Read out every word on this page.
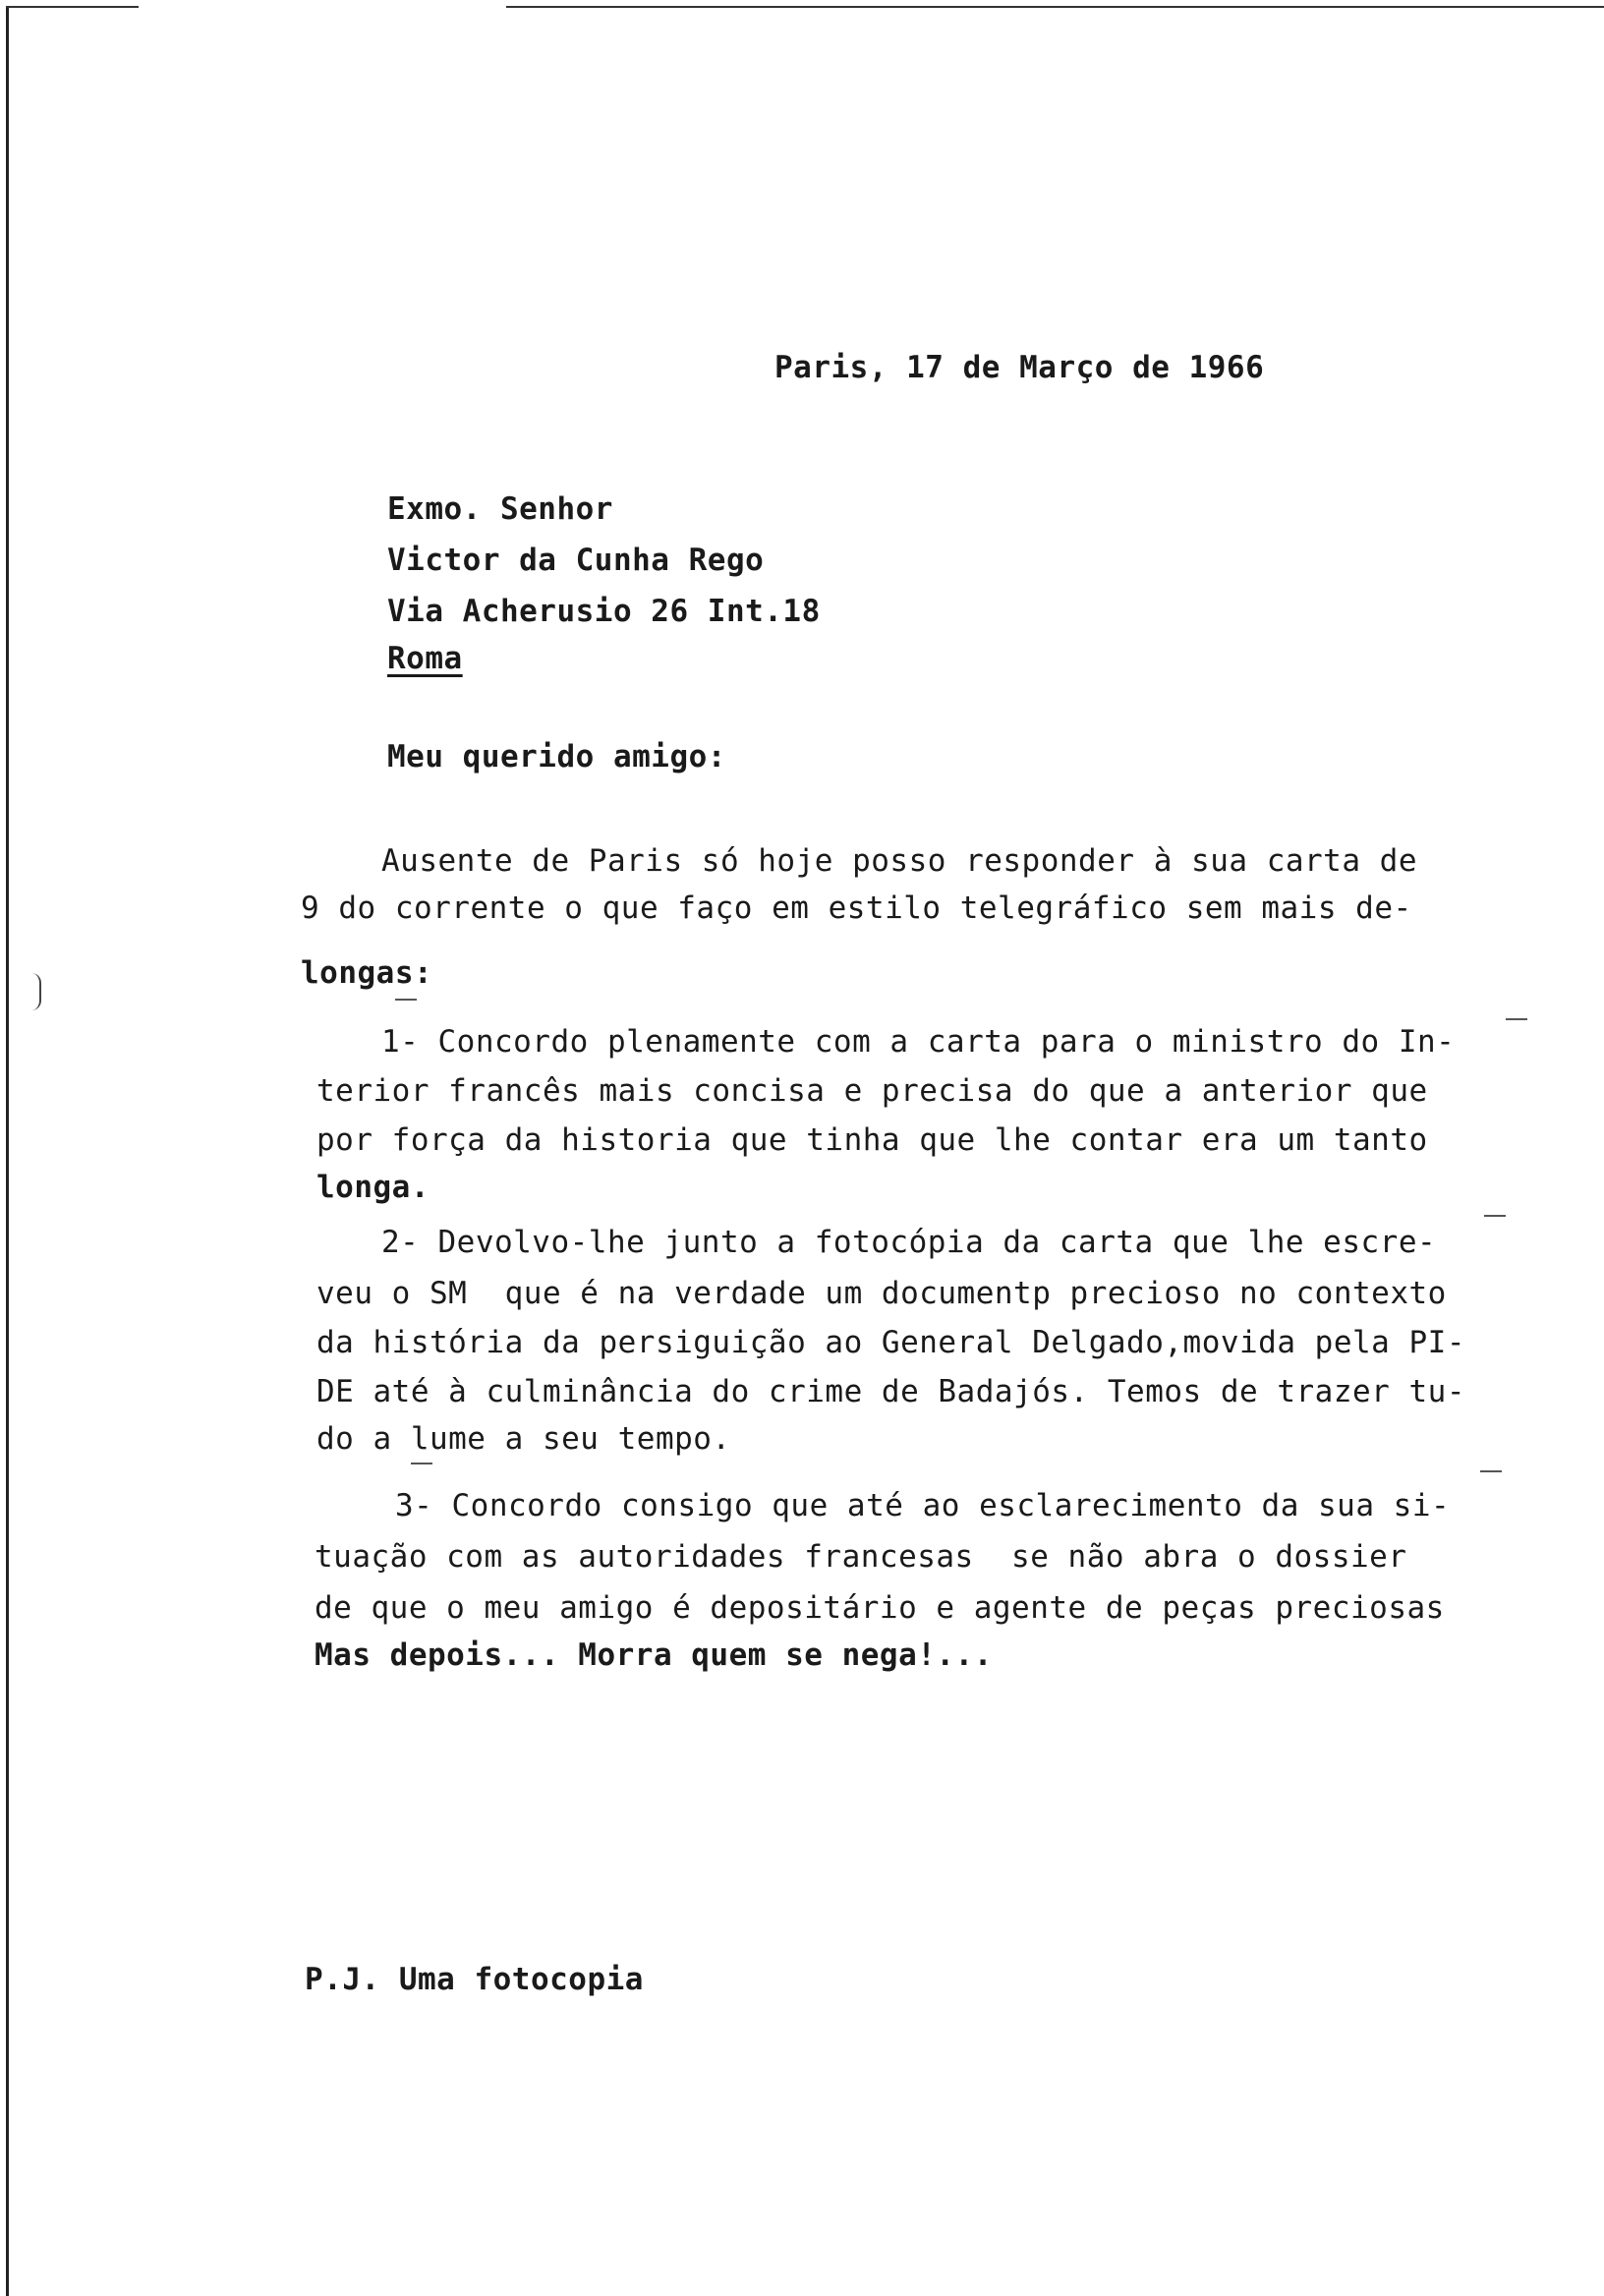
Paris, 17 de Março de 1966
Exmo. Senhor
Victor da Cunha Rego
Via Acherusio 26 Int.18
Roma
Meu querido amigo:
Ausente de Paris só hoje posso responder à sua carta de
9 do corrente o que faço em estilo telegráfico sem mais de-
longas:
1- Concordo plenamente com a carta para o ministro do In-
terior francês mais concisa e precisa do que a anterior que
por força da historia que tinha que lhe contar era um tanto
longa.
2- Devolvo-lhe junto a fotocópia da carta que lhe escre-
veu o SM  que é na verdade um documentp precioso no contexto
da história da persiguição ao General Delgado,movida pela PI-
DE até à culminância do crime de Badajós. Temos de trazer tu-
do a lume a seu tempo.
3- Concordo consigo que até ao esclarecimento da sua si-
tuação com as autoridades francesas  se não abra o dossier
de que o meu amigo é depositário e agente de peças preciosas
Mas depois... Morra quem se nega!...
P.J. Uma fotocopia
